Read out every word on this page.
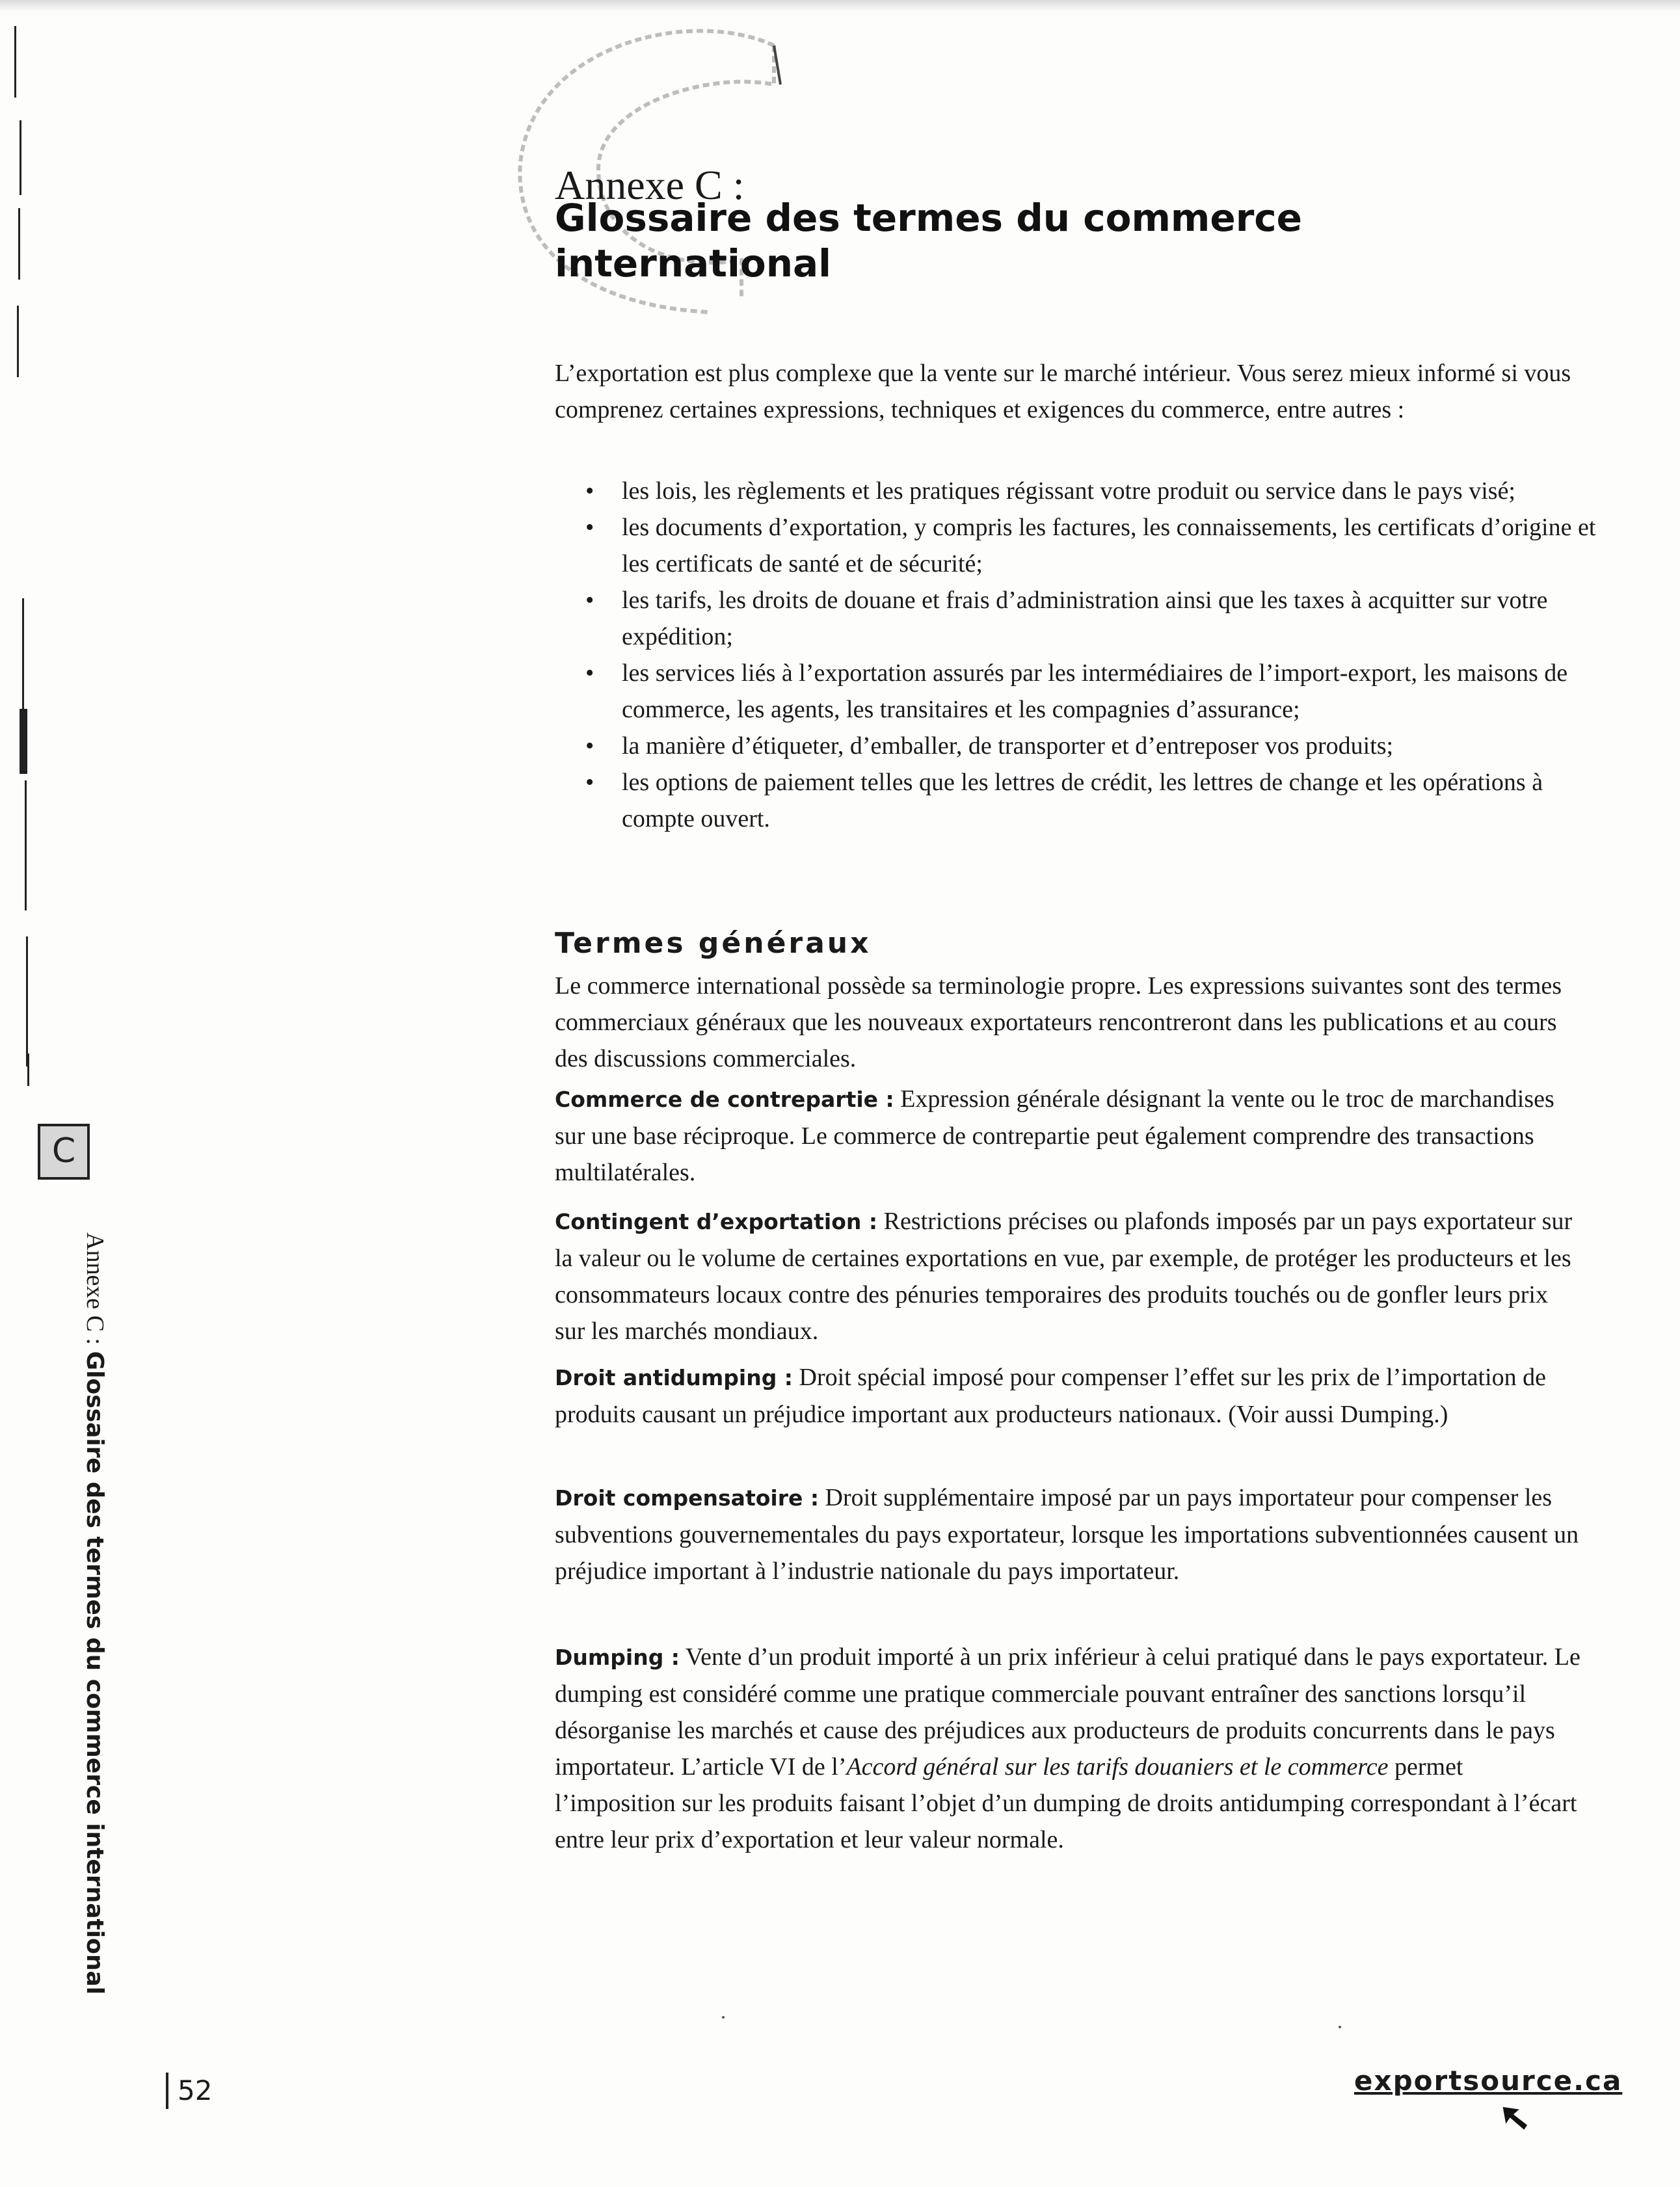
Annexe C :
Glossaire des termes du commerce international

L’exportation est plus complexe que la vente sur le marché intérieur. Vous serez mieux informé si vous comprenez certaines expressions, techniques et exigences du commerce, entre autres :

•	les lois, les règlements et les pratiques régissant votre produit ou service dans le pays visé;
•	les documents d’exportation, y compris les factures, les connaissements, les certificats d’origine et les certificats de santé et de sécurité;
•	les tarifs, les droits de douane et frais d’administration ainsi que les taxes à acquitter sur votre expédition;
•	les services liés à l’exportation assurés par les intermédiaires de l’import-export, les maisons de commerce, les agents, les transitaires et les compagnies d’assurance;
•	la manière d’étiqueter, d’emballer, de transporter et d’entreposer vos produits;
•	les options de paiement telles que les lettres de crédit, les lettres de change et les opérations à compte ouvert.
Termes généraux

Le commerce international possède sa terminologie propre. Les expressions suivantes sont des termes commerciaux généraux que les nouveaux exportateurs rencontreront dans les publications et au cours des discussions commerciales.

Commerce de contrepartie : Expression générale désignant la vente ou le troc de marchandises sur une base réciproque. Le commerce de contrepartie peut également comprendre des transactions multilatérales.

Contingent d’exportation : Restrictions précises ou plafonds imposés par un pays exportateur sur la valeur ou le volume de certaines exportations en vue, par exemple, de protéger les producteurs et les consommateurs locaux contre des pénuries temporaires des produits touchés ou de gonfler leurs prix sur les marchés mondiaux.

Droit antidumping : Droit spécial imposé pour compenser l’effet sur les prix de l’importation de produits causant un préjudice important aux producteurs nationaux. (Voir aussi Dumping.)

Droit compensatoire : Droit supplémentaire imposé par un pays importateur pour compenser les subventions gouvernementales du pays exportateur, lorsque les importations subventionnées causent un préjudice important à l’industrie nationale du pays importateur.

Dumping : Vente d’un produit importé à un prix inférieur à celui pratiqué dans le pays exportateur. Le dumping est considéré comme une pratique commerciale pouvant entraîner des sanctions lorsqu’il désorganise les marchés et cause des préjudices aux producteurs de produits concurrents dans le pays importateur. L’article VI de l’Accord général sur les tarifs douaniers et le commerce permet l’imposition sur les produits faisant l’objet d’un dumping de droits antidumping correspondant à l’écart entre leur prix d’exportation et leur valeur normale.

C
Annexe C : Glossaire des termes du commerce international
52	exportsource.ca
